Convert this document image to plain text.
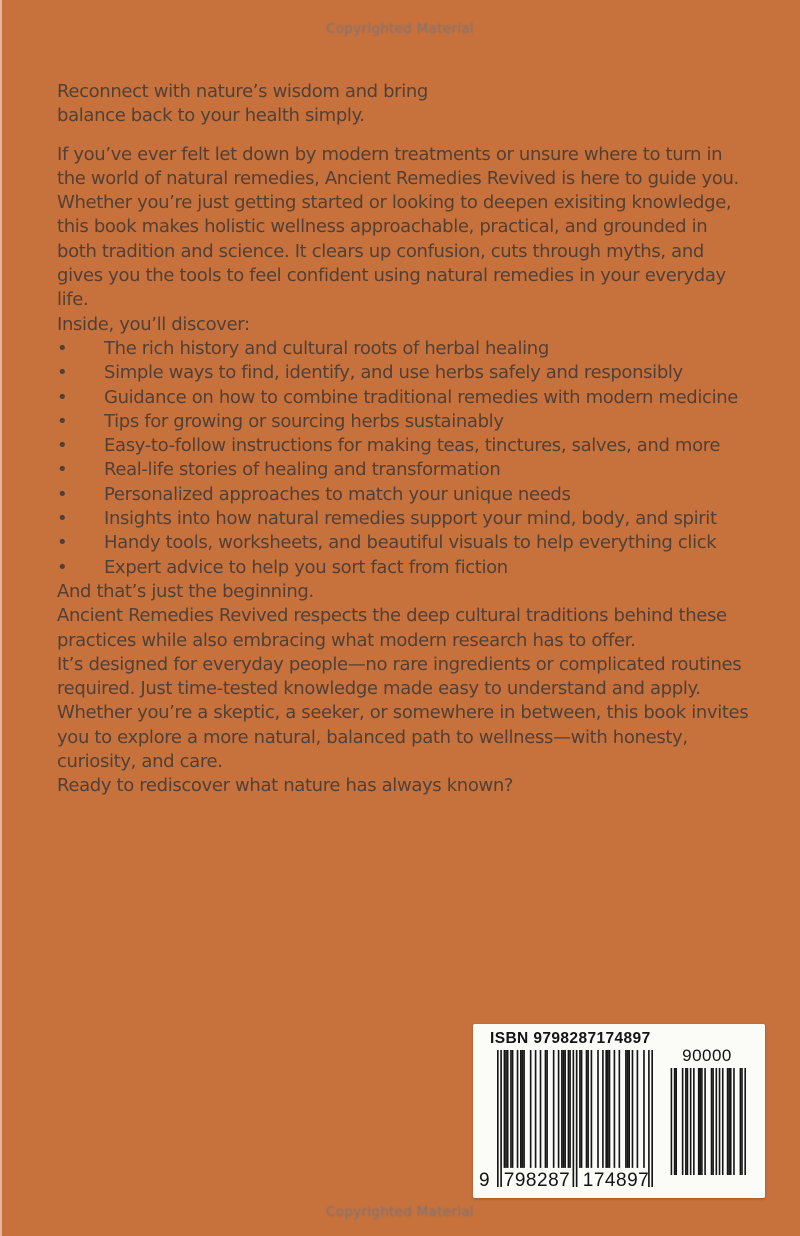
Copyrighted Material

Reconnect with nature’s wisdom and bring
balance back to your health simply.

If you’ve ever felt let down by modern treatments or unsure where to turn in the world of natural remedies, Ancient Remedies Revived is here to guide you.

Whether you’re just getting started or looking to deepen exisiting knowledge, this book makes holistic wellness approachable, practical, and grounded in both tradition and science. It clears up confusion, cuts through myths, and gives you the tools to feel confident using natural remedies in your everyday life.

Inside, you’ll discover:

• The rich history and cultural roots of herbal healing

• Simple ways to find, identify, and use herbs safely and responsibly

• Guidance on how to combine traditional remedies with modern medicine

• Tips for growing or sourcing herbs sustainably

• Easy-to-follow instructions for making teas, tinctures, salves, and more

• Real-life stories of healing and transformation

• Personalized approaches to match your unique needs

• Insights into how natural remedies support your mind, body, and spirit

• Handy tools, worksheets, and beautiful visuals to help everything click

• Expert advice to help you sort fact from fiction

And that’s just the beginning.

Ancient Remedies Revived respects the deep cultural traditions behind these practices while also embracing what modern research has to offer.

It’s designed for everyday people—no rare ingredients or complicated routines required. Just time-tested knowledge made easy to understand and apply.

Whether you’re a skeptic, a seeker, or somewhere in between, this book invites you to explore a more natural, balanced path to wellness—with honesty, curiosity, and care.

Ready to rediscover what nature has always known?

ISBN 9798287174897
90000
9 798287 174897
Copyrighted Material
